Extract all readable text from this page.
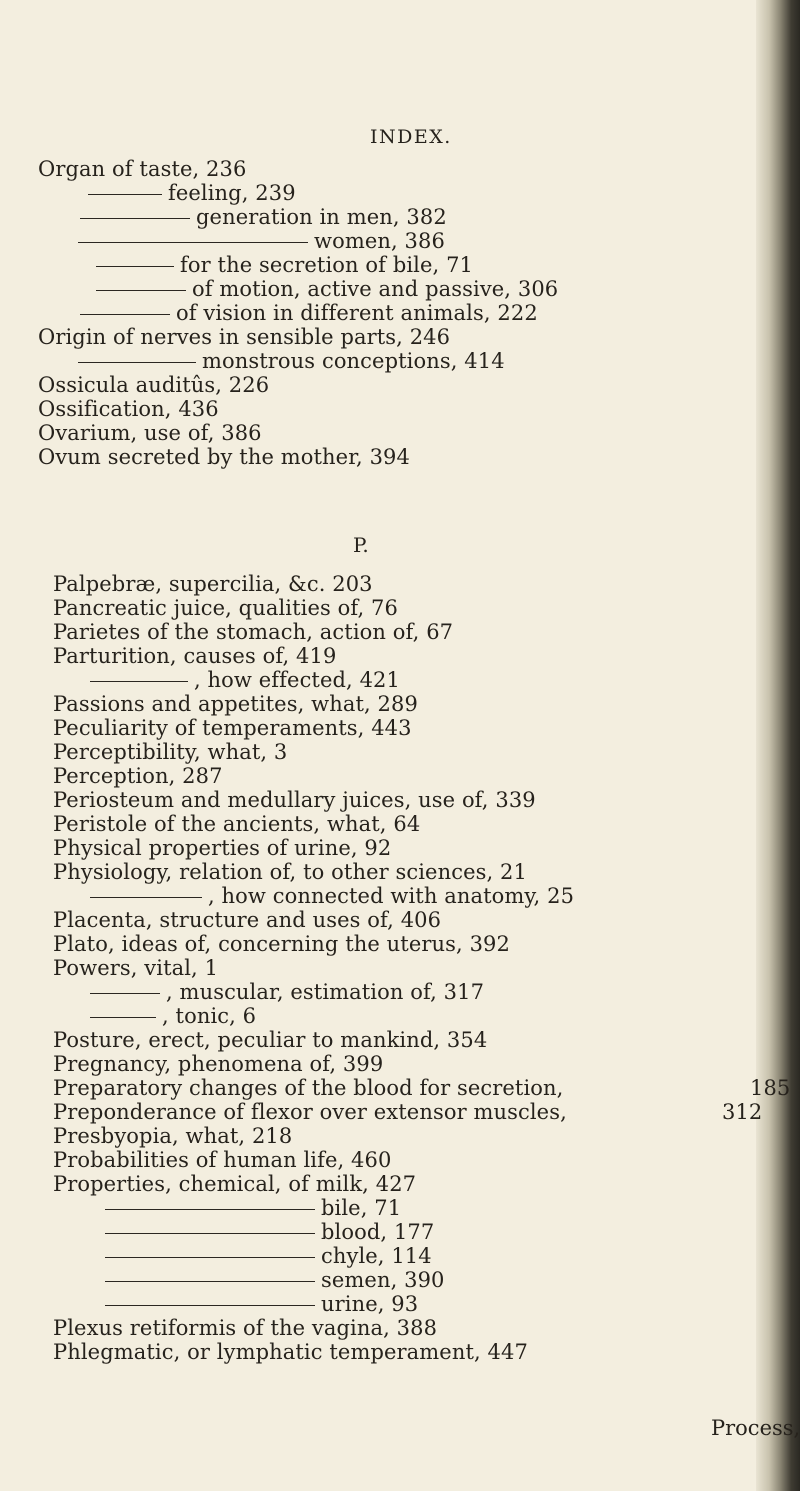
INDEX.
Organ of taste, 236
feeling, 239
generation in men, 382
women, 386
for the secretion of bile, 71
of motion, active and passive, 306
of vision in different animals, 222
Origin of nerves in sensible parts, 246
monstrous conceptions, 414
Ossicula auditûs, 226
Ossification, 436
Ovarium, use of, 386
Ovum secreted by the mother, 394
Palpebræ, supercilia, &c. 203
Pancreatic juice, qualities of, 76
Parietes of the stomach, action of, 67
Parturition, causes of, 419
, how effected, 421
Passions and appetites, what, 289
Peculiarity of temperaments, 443
Perceptibility, what, 3
Perception, 287
Periosteum and medullary juices, use of, 339
Peristole of the ancients, what, 64
Physical properties of urine, 92
Physiology, relation of, to other sciences, 21
, how connected with anatomy, 25
Placenta, structure and uses of, 406
Plato, ideas of, concerning the uterus, 392
Powers, vital, 1
, muscular, estimation of, 317
, tonic, 6
Posture, erect, peculiar to mankind, 354
Pregnancy, phenomena of, 399
Preparatory changes of the blood for secretion,	185
Preponderance of flexor over extensor muscles,	312
Presbyopia, what, 218
Probabilities of human life, 460
Properties, chemical, of milk, 427
bile, 71
blood, 177
chyle, 114
semen, 390
urine, 93
Plexus retiformis of the vagina, 388
Phlegmatic, or lymphatic temperament, 447
P.
Process,
